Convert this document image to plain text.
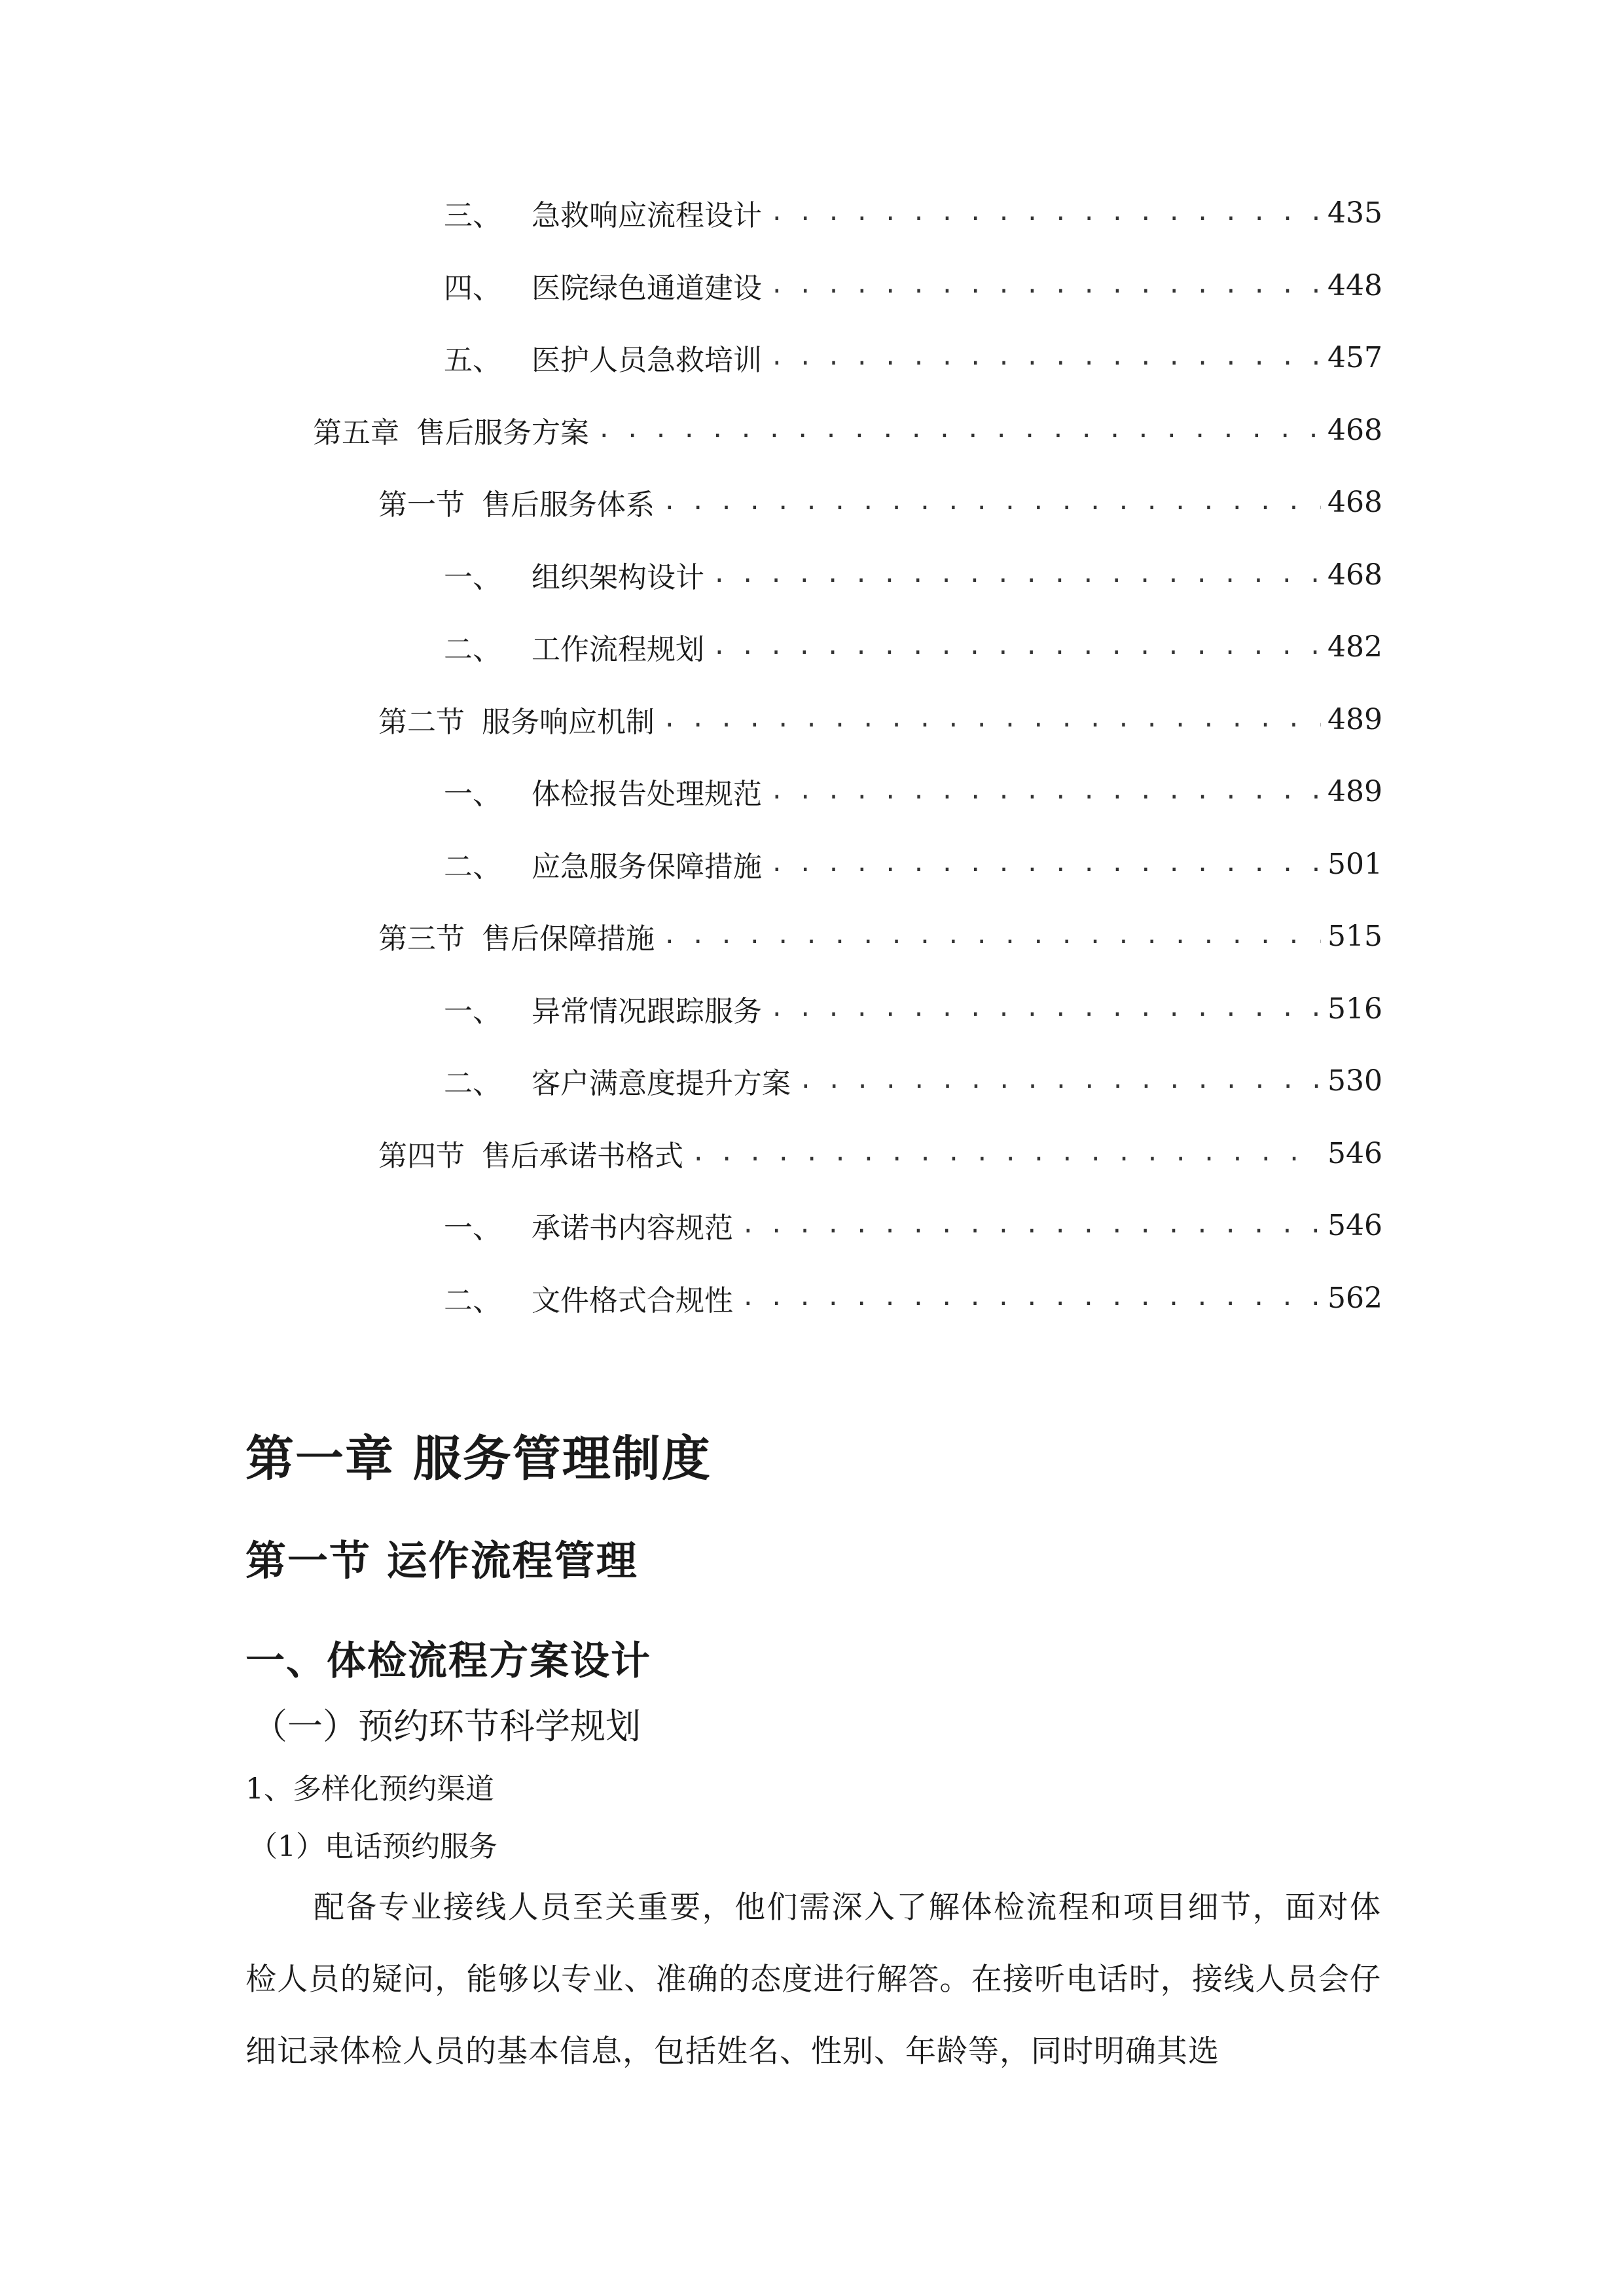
三、 急救响应流程设计 . . .	435
四、 医院绿色通道建设 . . .	448
五、 医护人员急救培训 . . .	457
第五章 售后服务方案 . . .	468
第一节 售后服务体系 . . .	468
一、 组织架构设计 . . .	468
二、 工作流程规划 . . .	482
第二节 服务响应机制 . . .	489
一、 体检报告处理规范 . . .	489
二、 应急服务保障措施 . . .	501
第三节 售后保障措施 . . .	515
一、 异常情况跟踪服务 . . .	516
二、 客户满意度提升方案 . . .	530
第四节 售后承诺书格式 . . .	546
一、 承诺书内容规范 . . .	546
二、 文件格式合规性 . . .	562
第一章 服务管理制度
第一节 运作流程管理
一、体检流程方案设计
（一）预约环节科学规划
1、多样化预约渠道
（1）电话预约服务

配备专业接线人员至关重要，他们需深入了解体检流程和项目细节，面对体检人员的疑问，能够以专业、准确的态度进行解答。在接听电话时，接线人员会仔细记录体检人员的基本信息，包括姓名、性别、年龄等，同时明确其选
